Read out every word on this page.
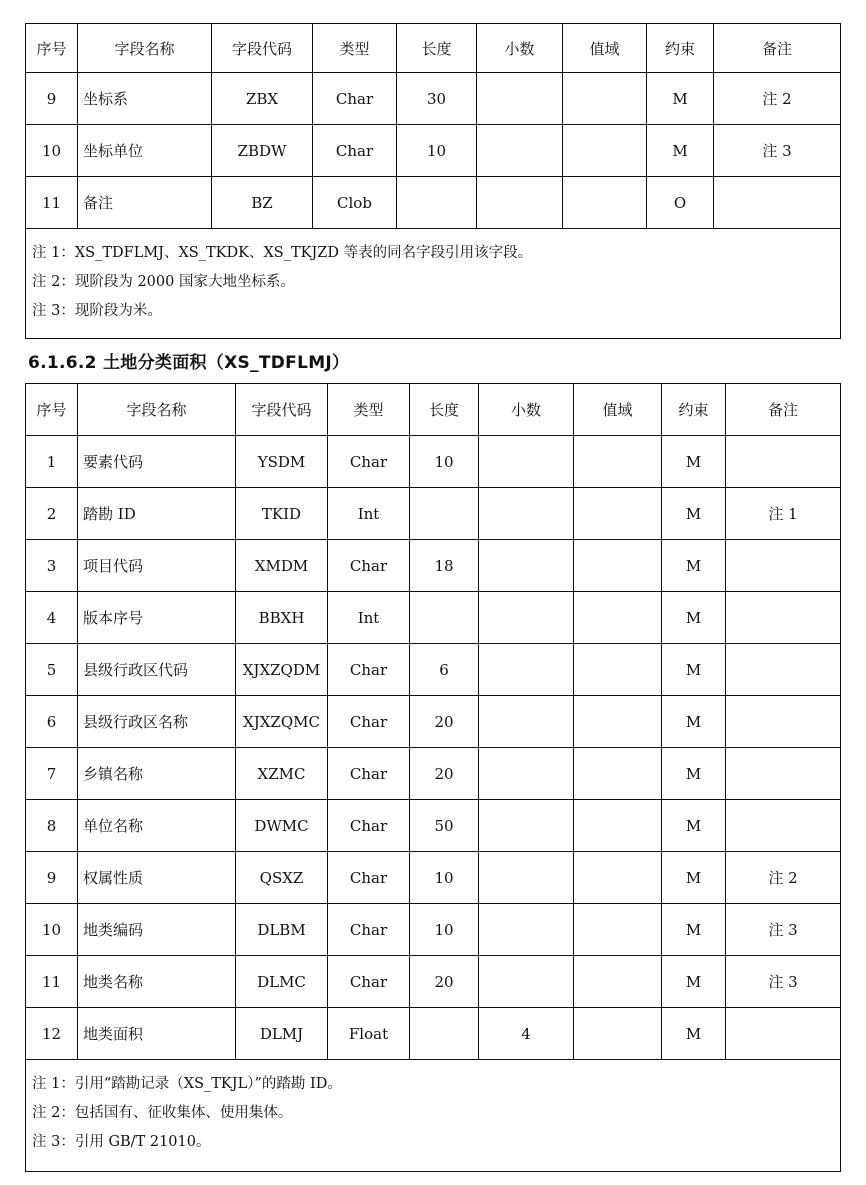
序号	字段名称	字段代码	类型	长度	小数	值域	约束	备注
9	坐标系	ZBX	Char	30			M	注 2
10	坐标单位	ZBDW	Char	10			M	注 3
11	备注	BZ	Clob				O	

注 1：XS_TDFLMJ、XS_TKDK、XS_TKJZD 等表的同名字段引用该字段。
注 2：现阶段为 2000 国家大地坐标系。
注 3：现阶段为米。								
6.1.6.2 土地分类面积（XS_TDFLMJ）
序号	字段名称	字段代码	类型	长度	小数	值域	约束	备注
1	要素代码	YSDM	Char	10			M	
2	踏勘 ID	TKID	Int				M	注 1
3	项目代码	XMDM	Char	18			M	
4	版本序号	BBXH	Int				M	
5	县级行政区代码	XJXZQDM	Char	6			M	
6	县级行政区名称	XJXZQMC	Char	20			M	
7	乡镇名称	XZMC	Char	20			M	
8	单位名称	DWMC	Char	50			M	
9	权属性质	QSXZ	Char	10			M	注 2
10	地类编码	DLBM	Char	10			M	注 3
11	地类名称	DLMC	Char	20			M	注 3
12	地类面积	DLMJ	Float		4		M	

注 1：引用“踏勘记录（XS_TKJL）”的踏勘 ID。
注 2：包括国有、征收集体、使用集体。
注 3：引用 GB/T 21010。								
